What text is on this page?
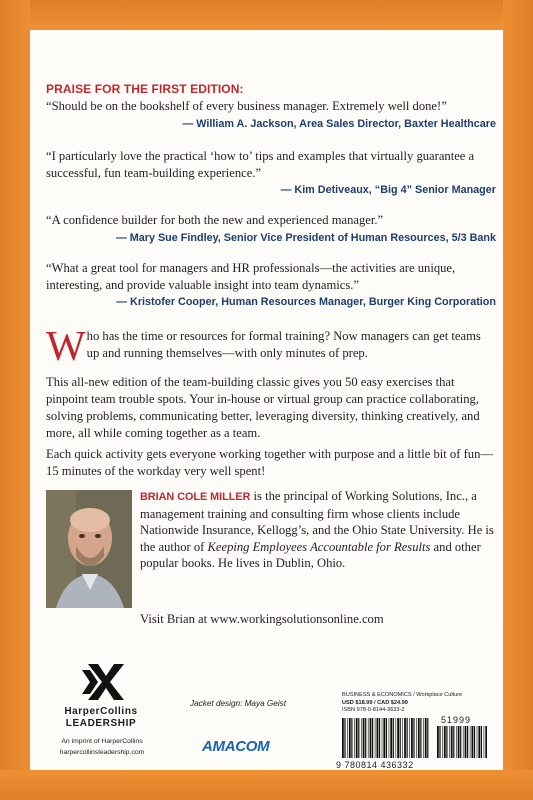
PRAISE FOR THE FIRST EDITION:
“Should be on the bookshelf of every business manager. Extremely well done!”
— William A. Jackson, Area Sales Director, Baxter Healthcare
“I particularly love the practical ‘how to’ tips and examples that virtually guarantee a successful, fun team-building experience.”
— Kim Detiveaux, “Big 4” Senior Manager
“A confidence builder for both the new and experienced manager.”
— Mary Sue Findley, Senior Vice President of Human Resources, 5/3 Bank
“What a great tool for managers and HR professionals—the activities are unique, interesting, and provide valuable insight into team dynamics.”
— Kristofer Cooper, Human Resources Manager, Burger King Corporation
Who has the time or resources for formal training? Now managers can get teams up and running themselves—with only minutes of prep.
This all-new edition of the team-building classic gives you 50 easy exercises that pinpoint team trouble spots. Your in-house or virtual group can practice collaborating, solving problems, communicating better, leveraging diversity, thinking creatively, and more, all while coming together as a team.
Each quick activity gets everyone working together with purpose and a little bit of fun—15 minutes of the workday very well spent!
BRIAN COLE MILLER is the principal of Working Solutions, Inc., a management training and consulting firm whose clients include Nationwide Insurance, Kellogg’s, and the Ohio State University. He is the author of Keeping Employees Accountable for Results and other popular books. He lives in Dublin, Ohio.
Visit Brian at www.workingsolutionsonline.com
HarperCollins
LEADERSHIP
An imprint of HarperCollins
harpercollinsleadership.com
Jacket design: Maya Geist
AMACOM
BUSINESS & ECONOMICS / Workplace Culture
USD $18.99 / CAD $24.99
ISBN 978-0-8144-3633-2
9 780814 436332
51999
